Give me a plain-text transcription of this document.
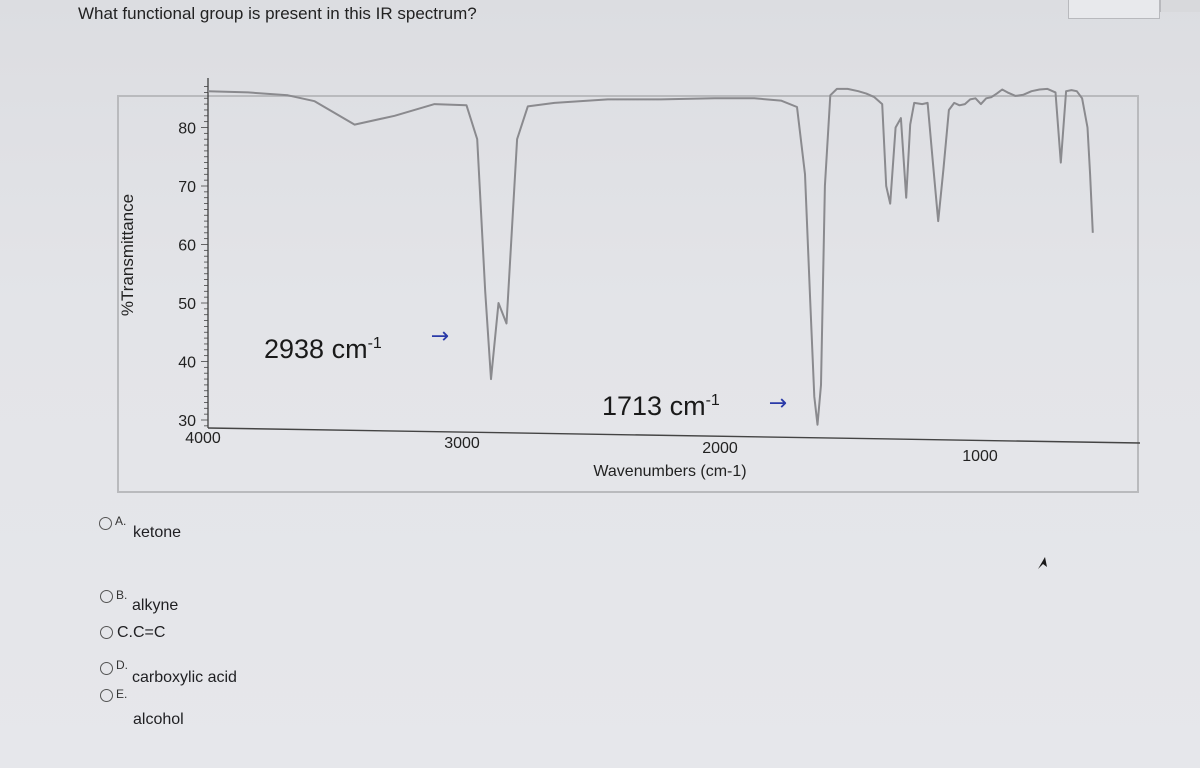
What functional group is present in this IR spectrum?
80
70
60
50
40
30
4000	3000	2000	1000
Wavenumbers (cm-1)
2938 $cm^{-1}$ →
1713 $cm^{-1}$ →
%Transmittance
A.
ketone
B.
alkyne
C.C=C
D.
carboxylic acid
E.
alcohol
